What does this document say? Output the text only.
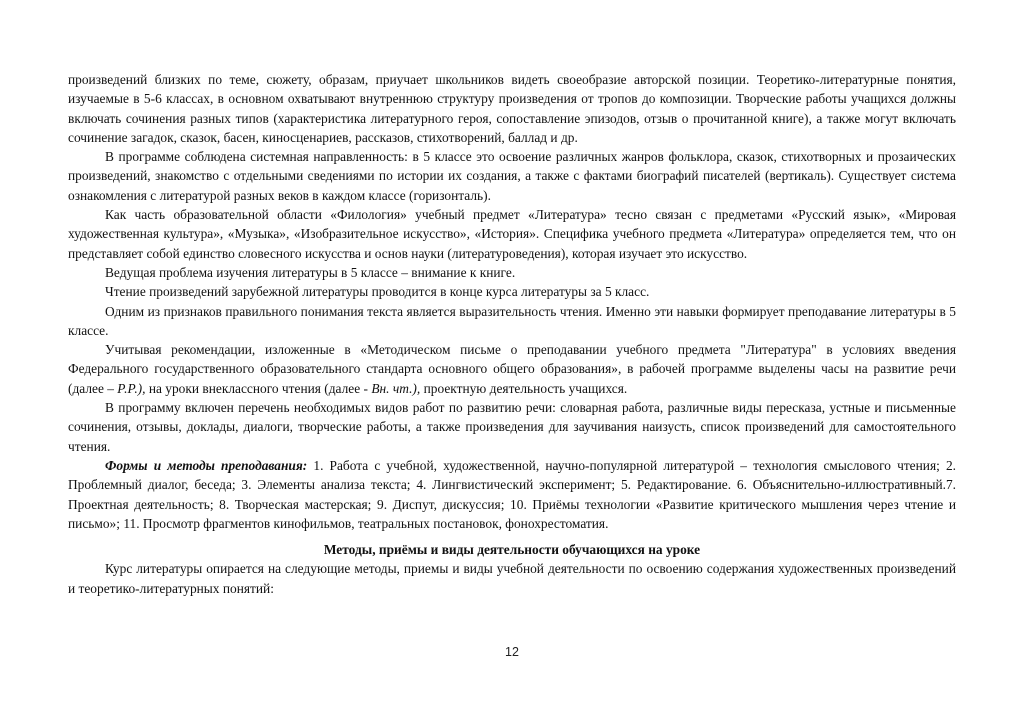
произведений близких по теме, сюжету, образам, приучает школьников видеть своеобразие авторской позиции. Теоретико-литературные понятия, изучаемые в 5-6 классах, в основном охватывают внутреннюю структуру произведения от тропов до композиции. Творческие работы учащихся должны включать сочинения разных типов (характеристика литературного героя, сопоставление эпизодов, отзыв о прочитанной книге), а также могут включать сочинение загадок, сказок, басен, киносценариев, рассказов, стихотворений, баллад и др.

В программе соблюдена системная направленность: в 5 классе это освоение различных жанров фольклора, сказок, стихотворных и прозаических произведений, знакомство с отдельными сведениями по истории их создания, а также с фактами биографий писателей (вертикаль). Существует система ознакомления с литературой разных веков в каждом классе (горизонталь).

Как часть образовательной области «Филология» учебный предмет «Литература» тесно связан с предметами «Русский язык», «Мировая художественная культура», «Музыка», «Изобразительное искусство», «История». Специфика учебного предмета «Литература» определяется тем, что он представляет собой единство словесного искусства и основ науки (литературоведения), которая изучает это искусство.

Ведущая проблема изучения литературы в 5 классе – внимание к книге.

Чтение произведений зарубежной литературы проводится в конце курса литературы за 5 класс.

Одним из признаков правильного понимания текста является выразительность чтения. Именно эти навыки формирует преподавание литературы в 5 классе.

Учитывая рекомендации, изложенные в «Методическом письме о преподавании учебного предмета "Литература" в условиях введения Федерального государственного образовательного стандарта основного общего образования», в рабочей программе выделены часы на развитие речи (далее – Р.Р.), на уроки внеклассного чтения (далее - Вн. чт.), проектную деятельность учащихся.

В программу включен перечень необходимых видов работ по развитию речи: словарная работа, различные виды пересказа, устные и письменные сочинения, отзывы, доклады, диалоги, творческие работы, а также произведения для заучивания наизусть, список произведений для самостоятельного чтения.

Формы и методы преподавания: 1. Работа с учебной, художественной, научно-популярной литературой – технология смыслового чтения; 2. Проблемный диалог, беседа; 3. Элементы анализа текста; 4. Лингвистический эксперимент; 5. Редактирование. 6. Объяснительно-иллюстративный.7. Проектная деятельность; 8. Творческая мастерская; 9. Диспут, дискуссия; 10. Приёмы технологии «Развитие критического мышления через чтение и письмо»; 11. Просмотр фрагментов кинофильмов, театральных постановок, фонохрестоматия.

Методы, приёмы и виды деятельности обучающихся на уроке

Курс литературы опирается на следующие методы, приемы и виды учебной деятельности по освоению содержания художественных произведений и теоретико-литературных понятий:

12
